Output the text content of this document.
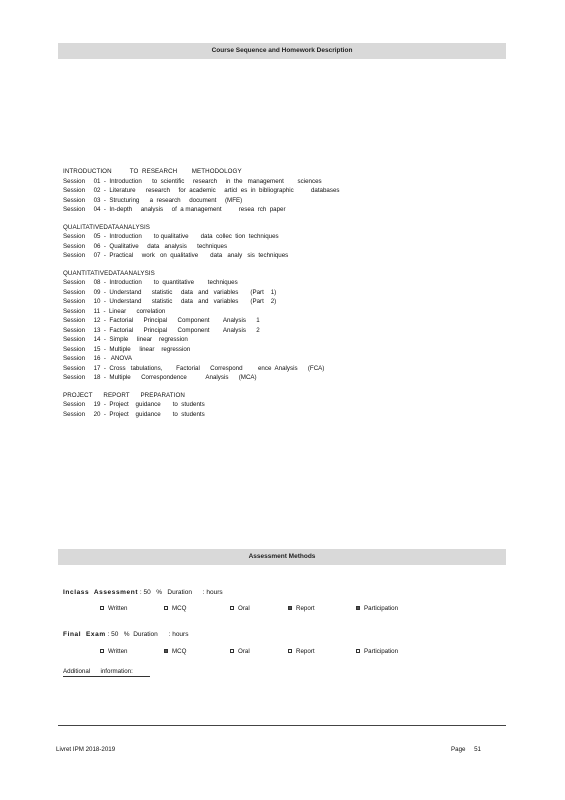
Course Sequence and Homework Description
INTRODUCTION          TO  RESEARCH        METHODOLOGY
Session     01  -  Introduction      to  scientific     research     in  the   management        sciences
Session     02  -  Literature      research     for  academic     articl  es  in  bibliographic          databases
Session     03  -  Structuring      a  research     document     (MFE)
Session     04  -  In-depth     analysis     of  a management          resea  rch  paper
QUALITATIVEDATAANALYSIS
Session     05  -  Introduction       to qualitative       data  collec  tion  techniques
Session     06  -  Qualitative     data   analysis      techniques
Session     07  -  Practical     work   on  qualitative       data   analy   sis  techniques
QUANTITATIVEDATAANALYSIS
Session     08  -  Introduction       to  quantitative        techniques
Session     09  -  Understand      statistic     data   and   variables       (Part    1)
Session     10  -  Understand      statistic     data   and   variables       (Part    2)
Session     11  -  Linear      correlation
Session     12  -  Factorial      Principal      Component        Analysis      1
Session     13  -  Factorial      Principal      Component        Analysis      2
Session     14  -  Simple     linear    regression
Session     15  -  Multiple     linear    regression
Session     16  -   ANOVA
Session     17  -  Cross   tabulations,        Factorial      Correspond         ence  Analysis      (FCA)
Session     18  -  Multiple      Correspondence           Analysis      (MCA)
PROJECT      REPORT      PREPARATION
Session     19  -  Project    guidance       to  students
Session     20  -  Project    guidance       to  students
Assessment Methods
Inclass  Assessment : 50   %   Duration      : hours
Written	MCQ	Oral	Report	Participation
Final  Exam : 50   %  Duration      : hours
Written	MCQ	Oral	Report	Participation
Additional      information:
Livret IPM 2018-2019	Page 51
